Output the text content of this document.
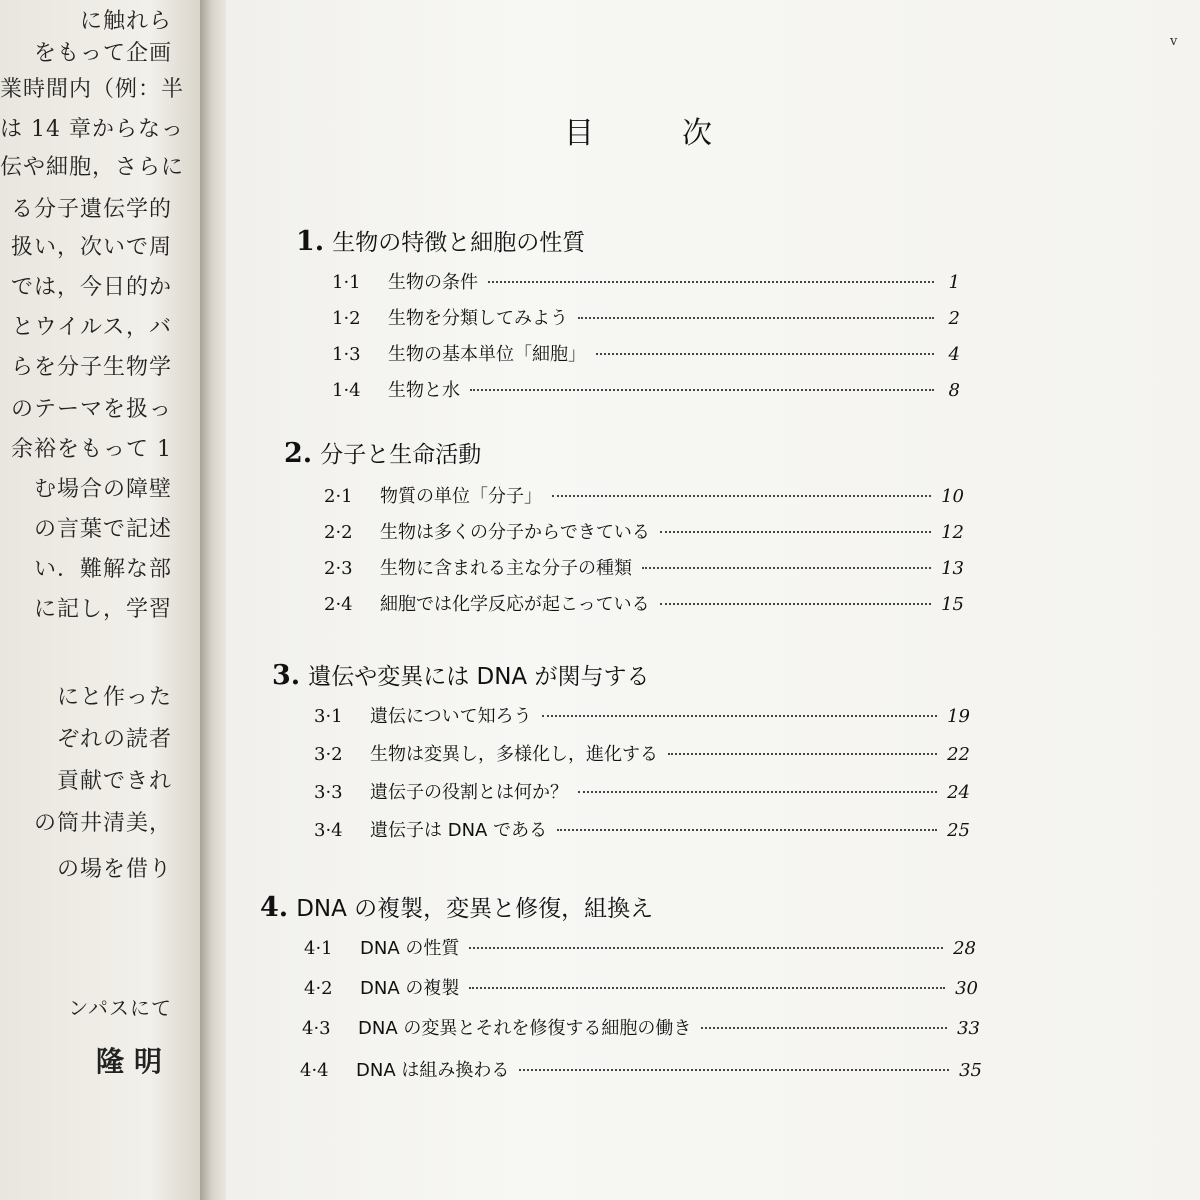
に触れら
をもって企画
業時間内（例：半
は 14 章からなっ
伝や細胞，さらに
る分子遺伝学的
扱い，次いで周
では，今日的か
とウイルス，バ
らを分子生物学
のテーマを扱っ
余裕をもって 1
む場合の障壁
の言葉で記述
い．難解な部
に記し，学習
にと作った
ぞれの読者
貢献できれ
の筒井清美，
の場を借り
ンパスにて
隆明
v
目次
1. 生物の特徴と細胞の性質
1·1	生物の条件	1
1·2	生物を分類してみよう	2
1·3	生物の基本単位「細胞」	4
1·4	生物と水	8
2. 分子と生命活動
2·1	物質の単位「分子」	10
2·2	生物は多くの分子からできている	12
2·3	生物に含まれる主な分子の種類	13
2·4	細胞では化学反応が起こっている	15
3. 遺伝や変異には DNA が関与する
3·1	遺伝について知ろう	19
3·2	生物は変異し，多様化し，進化する	22
3·3	遺伝子の役割とは何か？	24
3·4	遺伝子は DNA である	25
4. DNA の複製，変異と修復，組換え
4·1	DNA の性質	28
4·2	DNA の複製	30
4·3	DNA の変異とそれを修復する細胞の働き	33
4·4	DNA は組み換わる	35
